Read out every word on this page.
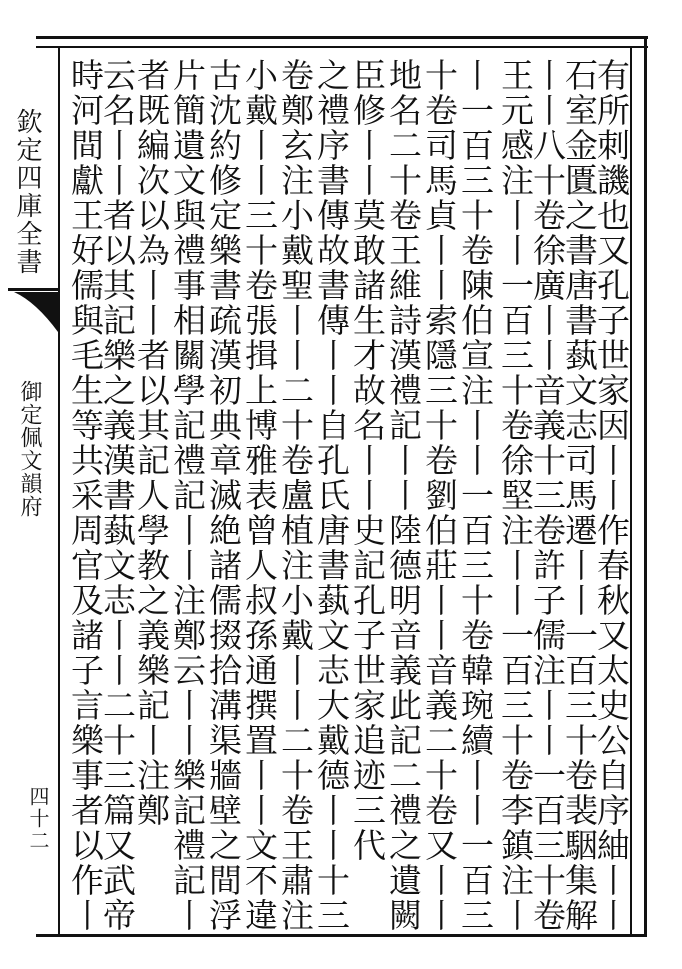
欽定四庫全書
御定佩文韻府
四十二	有所刺譏也又孔子世家因丨丨作春秋又太史公自序紬丨丨
石室金匱之書唐書蓺文志司馬遷丨丨一百三十卷裴駰集解
丨丨八十卷徐廣丨丨音義十三卷許子儒注丨丨一百三十卷
王元感注丨丨一百三十卷徐堅注丨丨一百三十卷李鎮注丨
丨一百三十卷陳伯宣注丨丨一百三十卷韓琬續丨丨一百三
十卷司馬貞丨丨索隱三十卷劉伯莊丨丨音義二十卷又丨丨
地名二十卷王維詩漢禮記丨丨陸德明音義此記二禮之遺闕
臣修丨丨莫敢諸生才故名丨丨史記孔子世家追迹三代
之禮序書傳故書傳丨丨自孔氏唐書蓺文志大戴德丨丨十三
卷鄭玄注小戴聖丨丨二十卷盧植注小戴丨丨二十卷王肅注
小戴丨丨三十卷張揖上博雅表曾人叔孫通撰置丨丨文不違
古沈約修定樂書疏漢初典章滅絶諸儒掇拾溝渠牆壁之間浮
片簡遺文與禮事相關學記禮記丨丨注鄭云丨丨樂記禮記丨
者既編次以為丨丨者以其記人學教之義樂記丨注鄭
云名丨丨者以其記樂之義漢書蓺文志丨丨二十三篇又武帝
時河間獻王好儒與毛生等共采周官及諸子言樂事者以作丨
